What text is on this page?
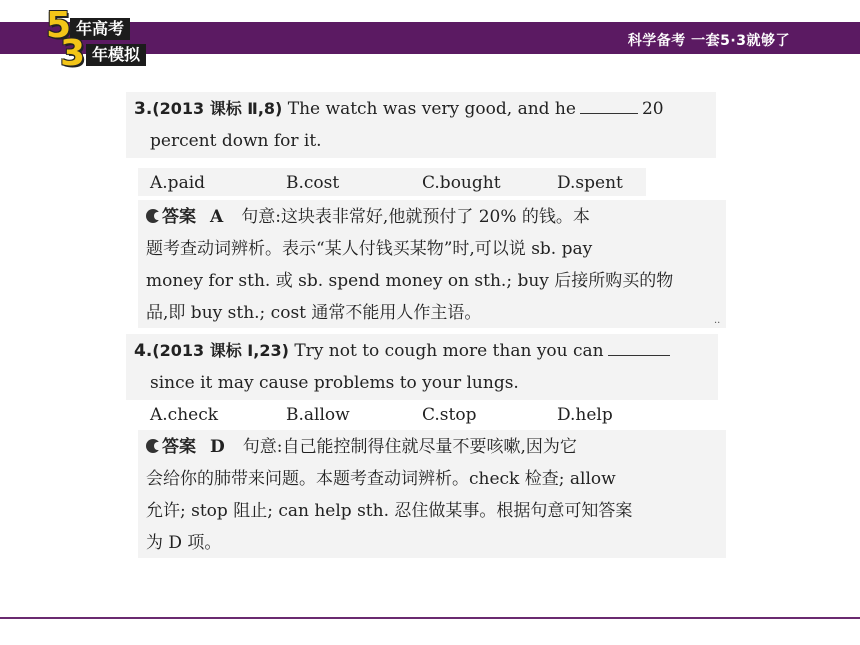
科学备考 一套5·3就够了
年高考
年模拟
5
3
3.(2013 课标 Ⅱ,8) The watch was very good, and he	20
percent down for it.
A.paid	B.cost	C.bought	D.spent
答案 A 句意:这块表非常好,他就预付了 20% 的钱。本
题考查动词辨析。表示“某人付钱买某物”时,可以说 sb. pay
money for sth. 或 sb. spend money on sth.; buy 后接所购买的物
品,即 buy sth.; cost 通常不能用人作主语。
··
4.(2013 课标 Ⅰ,23) Try not to cough more than you can
since it may cause problems to your lungs.
A.check	B.allow	C.stop	D.help
答案 D 句意:自己能控制得住就尽量不要咳嗽,因为它
会给你的肺带来问题。本题考查动词辨析。check 检查; allow
允许; stop 阻止; can help sth. 忍住做某事。根据句意可知答案
为 D 项。
